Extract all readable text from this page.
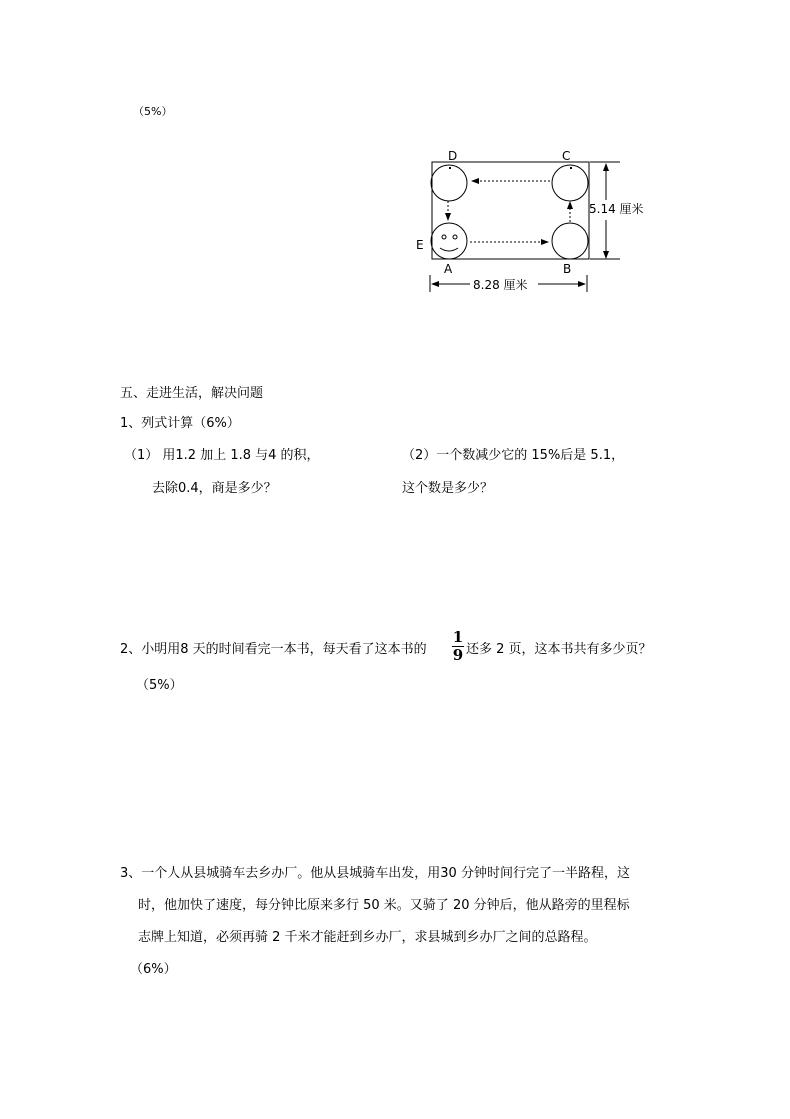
（5%）
D	C
E
A	B
5.14 厘米
8.28 厘米
五、走进生活，解决问题
1、列式计算（6%）
（1） 用1.2 加上 1.8 与4 的积，
去除0.4，商是多少？
（2）一个数减少它的 15%后是 5.1，
这个数是多少？
2、小明用8 天的时间看完一本书，每天看了这本书的
1
9 还多 2 页，这本书共有多少页？
（5%）
3、一个人从县城骑车去乡办厂。他从县城骑车出发，用30 分钟时间行完了一半路程，这
时，他加快了速度，每分钟比原来多行 50 米。又骑了 20 分钟后，他从路旁的里程标
志牌上知道，必须再骑 2 千米才能赶到乡办厂，求县城到乡办厂之间的总路程。
（6%）
